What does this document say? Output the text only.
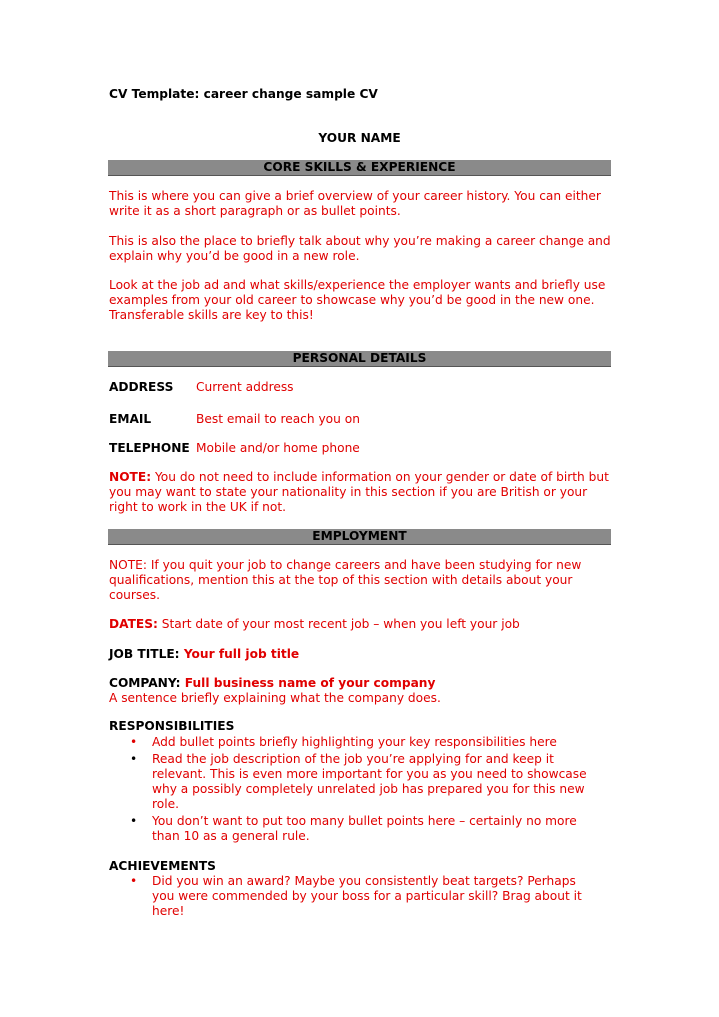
CV Template: career change sample CV
YOUR NAME
CORE SKILLS & EXPERIENCE
This is where you can give a brief overview of your career history. You can either write it as a short paragraph or as bullet points.
This is also the place to briefly talk about why you’re making a career change and explain why you’d be good in a new role.
Look at the job ad and what skills/experience the employer wants and briefly use examples from your old career to showcase why you’d be good in the new one. Transferable skills are key to this!
PERSONAL DETAILS
ADDRESS Current address
EMAIL	Best email to reach you on
TELEPHONE Mobile and/or home phone
NOTE: You do not need to include information on your gender or date of birth but you may want to state your nationality in this section if you are British or your right to work in the UK if not.
EMPLOYMENT
NOTE: If you quit your job to change careers and have been studying for new qualifications, mention this at the top of this section with details about your courses.
DATES: Start date of your most recent job – when you left your job
JOB TITLE: Your full job title
COMPANY: Full business name of your company
A sentence briefly explaining what the company does.
RESPONSIBILITIES
•	Add bullet points briefly highlighting your key responsibilities here
•	Read the job description of the job you’re applying for and keep it relevant. This is even more important for you as you need to showcase why a possibly completely unrelated job has prepared you for this new role.
•	You don’t want to put too many bullet points here – certainly no more than 10 as a general rule.
ACHIEVEMENTS
•	Did you win an award? Maybe you consistently beat targets? Perhaps you were commended by your boss for a particular skill? Brag about it here!
